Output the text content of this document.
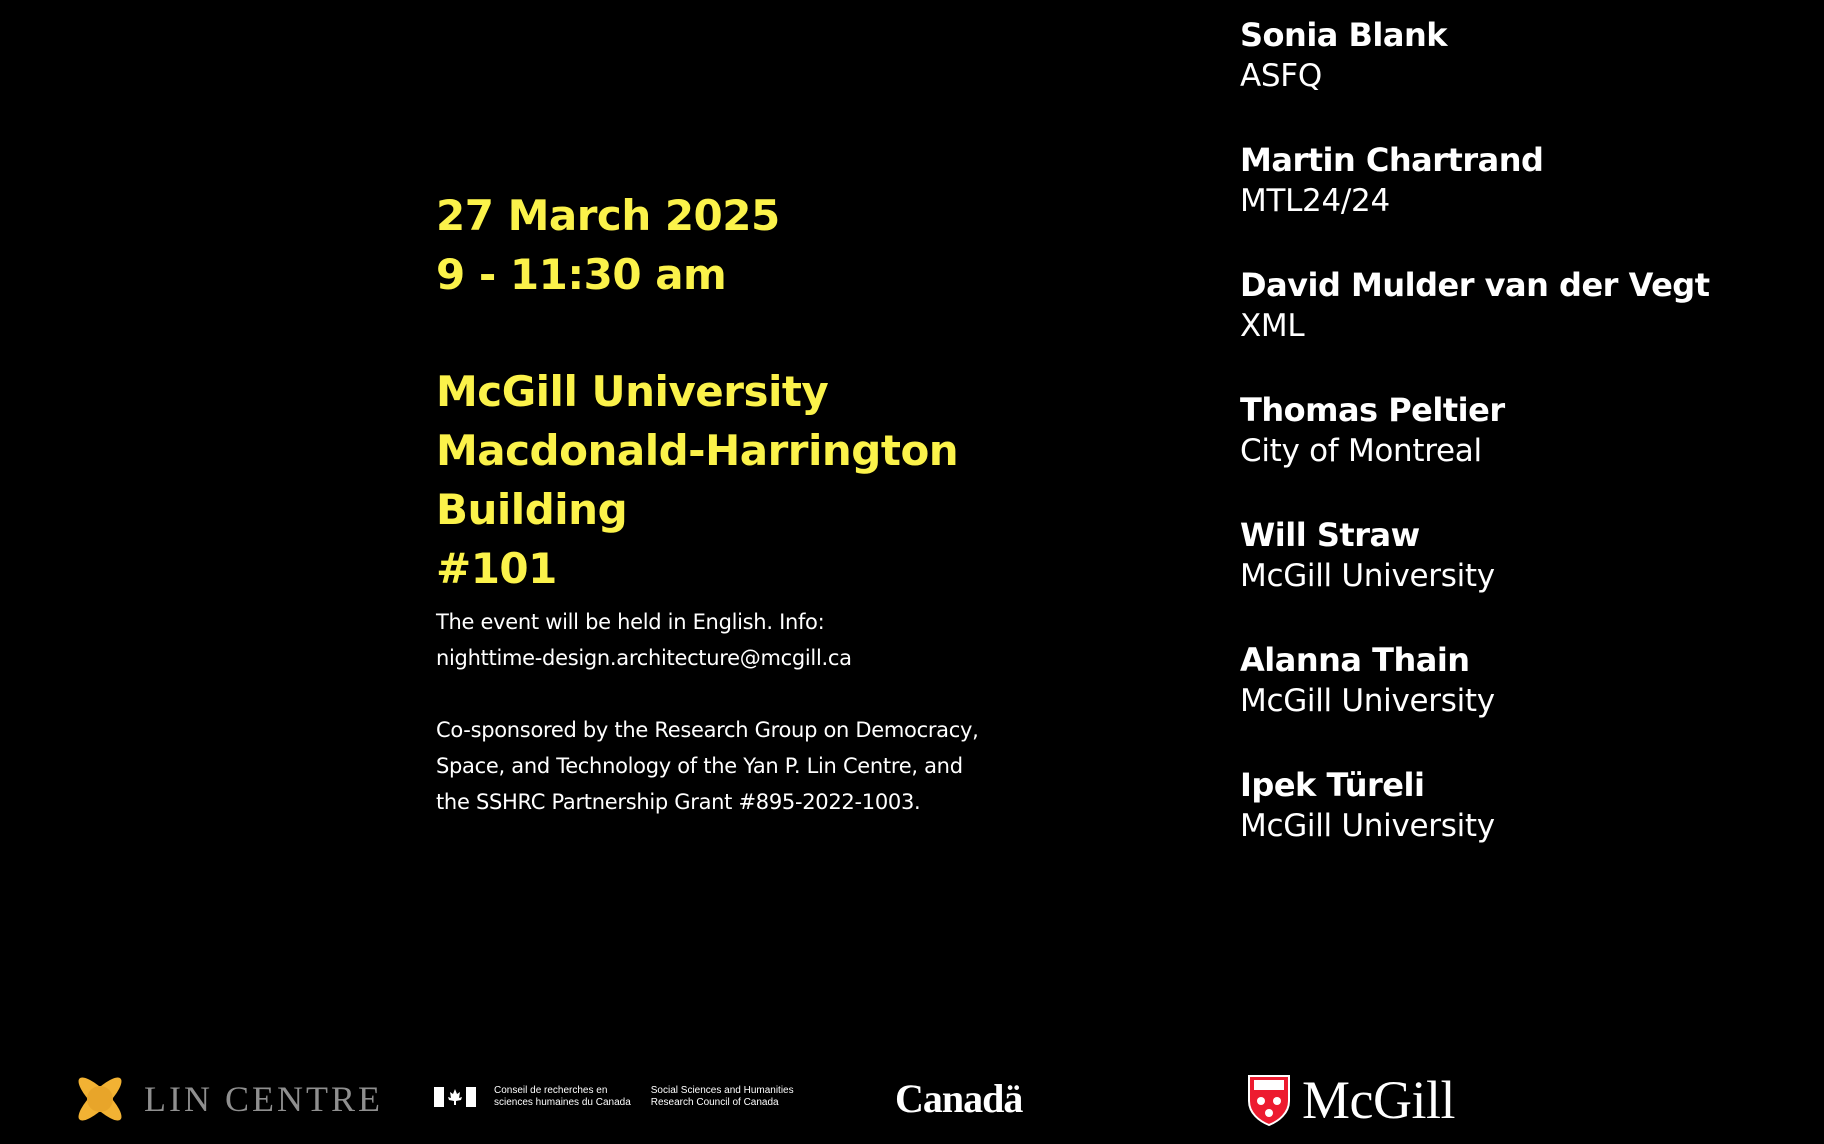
27 March 2025
9 - 11:30 am
McGill University
Macdonald-Harrington Building
#101

The event will be held in English. Info:

nighttime-design.architecture@mcgill.ca

Co-sponsored by the Research Group on Democracy,

Space, and Technology of the Yan P. Lin Centre, and

the SSHRC Partnership Grant #895-2022-1003.

Sonia Blank
ASFQ
Martin Chartrand
MTL24/24
David Mulder van der Vegt
XML
Thomas Peltier
City of Montreal
Will Straw
McGill University
Alanna Thain
McGill University
Ipek Türeli
McGill University
LIN CENTRE	Conseil de recherches en
sciences humaines du Canada
Social Sciences and Humanities
Research Council of Canada	Canadä	McGill
